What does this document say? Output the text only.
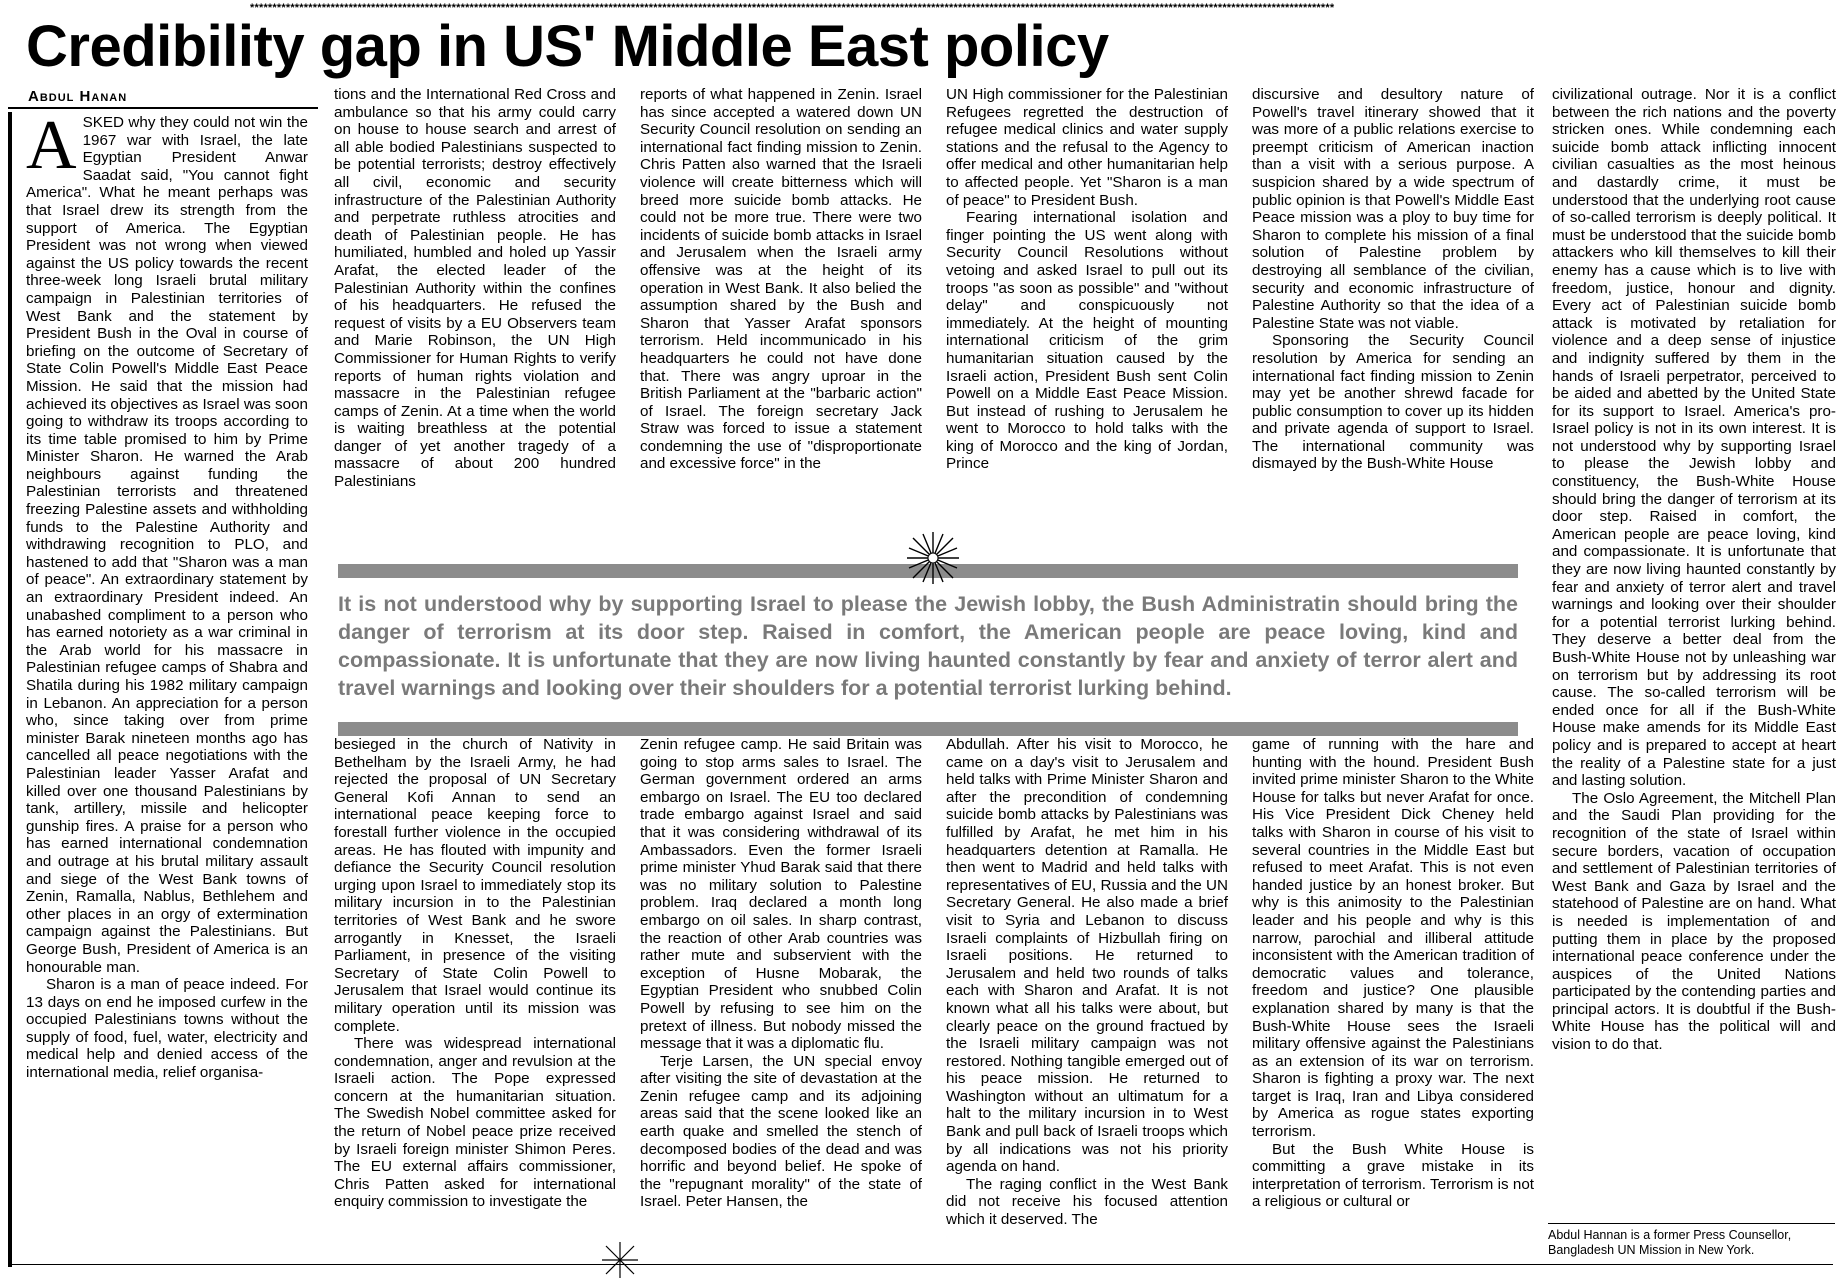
**************************************************************************************************************************************************************************************************************************************************
Credibility gap in US' Middle East policy
Abdul Hanan

ASKED why they could not win the 1967 war with Israel, the late Egyptian President Anwar Saadat said, "You cannot fight America". What he meant perhaps was that Israel drew its strength from the support of America. The Egyptian President was not wrong when viewed against the US policy towards the recent three-week long Israeli brutal military campaign in Palestinian territories of West Bank and the statement by President Bush in the Oval in course of briefing on the outcome of Secretary of State Colin Powell's Middle East Peace Mission. He said that the mission had achieved its objectives as Israel was soon going to withdraw its troops according to its time table promised to him by Prime Minister Sharon. He warned the Arab neighbours against funding the Palestinian terrorists and threatened freezing Palestine assets and withholding funds to the Palestine Authority and withdrawing recognition to PLO, and hastened to add that "Sharon was a man of peace". An extraordinary statement by an extraordinary President indeed. An unabashed compliment to a person who has earned notoriety as a war criminal in the Arab world for his massacre in Palestinian refugee camps of Shabra and Shatila during his 1982 military campaign in Lebanon. An appreciation for a person who, since taking over from prime minister Barak nineteen months ago has cancelled all peace negotiations with the Palestinian leader Yasser Arafat and killed over one thousand Palestinians by tank, artillery, missile and helicopter gunship fires. A praise for a person who has earned international condemnation and outrage at his brutal military assault and siege of the West Bank towns of Zenin, Ramalla, Nablus, Bethlehem and other places in an orgy of extermination campaign against the Palestinians. But George Bush, President of America is an honourable man.

Sharon is a man of peace indeed. For 13 days on end he imposed curfew in the occupied Palestinians towns without the supply of food, fuel, water, electricity and medical help and denied access of the international media, relief organisa-

tions and the International Red Cross and ambulance so that his army could carry on house to house search and arrest of all able bodied Palestinians suspected to be potential terrorists; destroy effectively all civil, economic and security infrastructure of the Palestinian Authority and perpetrate ruthless atrocities and death of Palestinian people. He has humiliated, humbled and holed up Yassir Arafat, the elected leader of the Palestinian Authority within the confines of his headquarters. He refused the request of visits by a EU Observers team and Marie Robinson, the UN High Commissioner for Human Rights to verify reports of human rights violation and massacre in the Palestinian refugee camps of Zenin. At a time when the world is waiting breathless at the potential danger of yet another tragedy of a massacre of about 200 hundred Palestinians

reports of what happened in Zenin. Israel has since accepted a watered down UN Security Council resolution on sending an international fact finding mission to Zenin. Chris Patten also warned that the Israeli violence will create bitterness which will breed more suicide bomb attacks. He could not be more true. There were two incidents of suicide bomb attacks in Israel and Jerusalem when the Israeli army offensive was at the height of its operation in West Bank. It also belied the assumption shared by the Bush and Sharon that Yasser Arafat sponsors terrorism. Held incommunicado in his headquarters he could not have done that. There was angry uproar in the British Parliament at the "barbaric action" of Israel. The foreign secretary Jack Straw was forced to issue a statement condemning the use of "disproportionate and excessive force" in the

UN High commissioner for the Palestinian Refugees regretted the destruction of refugee medical clinics and water supply stations and the refusal to the Agency to offer medical and other humanitarian help to affected people. Yet "Sharon is a man of peace" to President Bush.

Fearing international isolation and finger pointing the US went along with Security Council Resolutions without vetoing and asked Israel to pull out its troops "as soon as possible" and "without delay" and conspicuously not immediately. At the height of mounting international criticism of the grim humanitarian situation caused by the Israeli action, President Bush sent Colin Powell on a Middle East Peace Mission. But instead of rushing to Jerusalem he went to Morocco to hold talks with the king of Morocco and the king of Jordan, Prince

discursive and desultory nature of Powell's travel itinerary showed that it was more of a public relations exercise to preempt criticism of American inaction than a visit with a serious purpose. A suspicion shared by a wide spectrum of public opinion is that Powell's Middle East Peace mission was a ploy to buy time for Sharon to complete his mission of a final solution of Palestine problem by destroying all semblance of the civilian, security and economic infrastructure of Palestine Authority so that the idea of a Palestine State was not viable.

Sponsoring the Security Council resolution by America for sending an international fact finding mission to Zenin may yet be another shrewd facade for public consumption to cover up its hidden and private agenda of support to Israel. The international community was dismayed by the Bush-White House

It is not understood why by supporting Israel to please the Jewish lobby, the Bush Administratin should bring the danger of terrorism at its door step. Raised in comfort, the American people are peace loving, kind and compassionate. It is unfortunate that they are now living haunted constantly by fear and anxiety of terror alert and travel warnings and looking over their shoulders for a potential terrorist lurking behind.

besieged in the church of Nativity in Bethelham by the Israeli Army, he had rejected the proposal of UN Secretary General Kofi Annan to send an international peace keeping force to forestall further violence in the occupied areas. He has flouted with impunity and defiance the Security Council resolution urging upon Israel to immediately stop its military incursion in to the Palestinian territories of West Bank and he swore arrogantly in Knesset, the Israeli Parliament, in presence of the visiting Secretary of State Colin Powell to Jerusalem that Israel would continue its military operation until its mission was complete.

There was widespread international condemnation, anger and revulsion at the Israeli action. The Pope expressed concern at the humanitarian situation. The Swedish Nobel committee asked for the return of Nobel peace prize received by Israeli foreign minister Shimon Peres. The EU external affairs commissioner, Chris Patten asked for international enquiry commission to investigate the

Zenin refugee camp. He said Britain was going to stop arms sales to Israel. The German government ordered an arms embargo on Israel. The EU too declared trade embargo against Israel and said that it was considering withdrawal of its Ambassadors. Even the former Israeli prime minister Yhud Barak said that there was no military solution to Palestine problem. Iraq declared a month long embargo on oil sales. In sharp contrast, the reaction of other Arab countries was rather mute and subservient with the exception of Husne Mobarak, the Egyptian President who snubbed Colin Powell by refusing to see him on the pretext of illness. But nobody missed the message that it was a diplomatic flu.

Terje Larsen, the UN special envoy after visiting the site of devastation at the Zenin refugee camp and its adjoining areas said that the scene looked like an earth quake and smelled the stench of decomposed bodies of the dead and was horrific and beyond belief. He spoke of the "repugnant morality" of the state of Israel. Peter Hansen, the

Abdullah. After his visit to Morocco, he came on a day's visit to Jerusalem and held talks with Prime Minister Sharon and after the precondition of condemning suicide bomb attacks by Palestinians was fulfilled by Arafat, he met him in his headquarters detention at Ramalla. He then went to Madrid and held talks with representatives of EU, Russia and the UN Secretary General. He also made a brief visit to Syria and Lebanon to discuss Israeli complaints of Hizbullah firing on Israeli positions. He returned to Jerusalem and held two rounds of talks each with Sharon and Arafat. It is not known what all his talks were about, but clearly peace on the ground fractued by the Israeli military campaign was not restored. Nothing tangible emerged out of his peace mission. He returned to Washington without an ultimatum for a halt to the military incursion in to West Bank and pull back of Israeli troops which by all indications was not his priority agenda on hand.

The raging conflict in the West Bank did not receive his focused attention which it deserved. The

game of running with the hare and hunting with the hound. President Bush invited prime minister Sharon to the White House for talks but never Arafat for once. His Vice President Dick Cheney held talks with Sharon in course of his visit to several countries in the Middle East but refused to meet Arafat. This is not even handed justice by an honest broker. But why is this animosity to the Palestinian leader and his people and why is this narrow, parochial and illiberal attitude inconsistent with the American tradition of democratic values and tolerance, freedom and justice? One plausible explanation shared by many is that the Bush-White House sees the Israeli military offensive against the Palestinians as an extension of its war on terrorism. Sharon is fighting a proxy war. The next target is Iraq, Iran and Libya considered by America as rogue states exporting terrorism.

But the Bush White House is committing a grave mistake in its interpretation of terrorism. Terrorism is not a religious or cultural or

civilizational outrage. Nor it is a conflict between the rich nations and the poverty stricken ones. While condemning each suicide bomb attack inflicting innocent civilian casualties as the most heinous and dastardly crime, it must be understood that the underlying root cause of so-called terrorism is deeply political. It must be understood that the suicide bomb attackers who kill themselves to kill their enemy has a cause which is to live with freedom, justice, honour and dignity. Every act of Palestinian suicide bomb attack is motivated by retaliation for violence and a deep sense of injustice and indignity suffered by them in the hands of Israeli perpetrator, perceived to be aided and abetted by the United State for its support to Israel. America's pro-Israel policy is not in its own interest. It is not understood why by supporting Israel to please the Jewish lobby and constituency, the Bush-White House should bring the danger of terrorism at its door step. Raised in comfort, the American people are peace loving, kind and compassionate. It is unfortunate that they are now living haunted constantly by fear and anxiety of terror alert and travel warnings and looking over their shoulder for a potential terrorist lurking behind. They deserve a better deal from the Bush-White House not by unleashing war on terrorism but by addressing its root cause. The so-called terrorism will be ended once for all if the Bush-White House make amends for its Middle East policy and is prepared to accept at heart the reality of a Palestine state for a just and lasting solution.

The Oslo Agreement, the Mitchell Plan and the Saudi Plan providing for the recognition of the state of Israel within secure borders, vacation of occupation and settlement of Palestinian territories of West Bank and Gaza by Israel and the statehood of Palestine are on hand. What is needed is implementation of and putting them in place by the proposed international peace conference under the auspices of the United Nations participated by the contending parties and principal actors. It is doubtful if the Bush-White House has the political will and vision to do that.

Abdul Hannan is a former Press Counsellor, Bangladesh UN Mission in New York.
